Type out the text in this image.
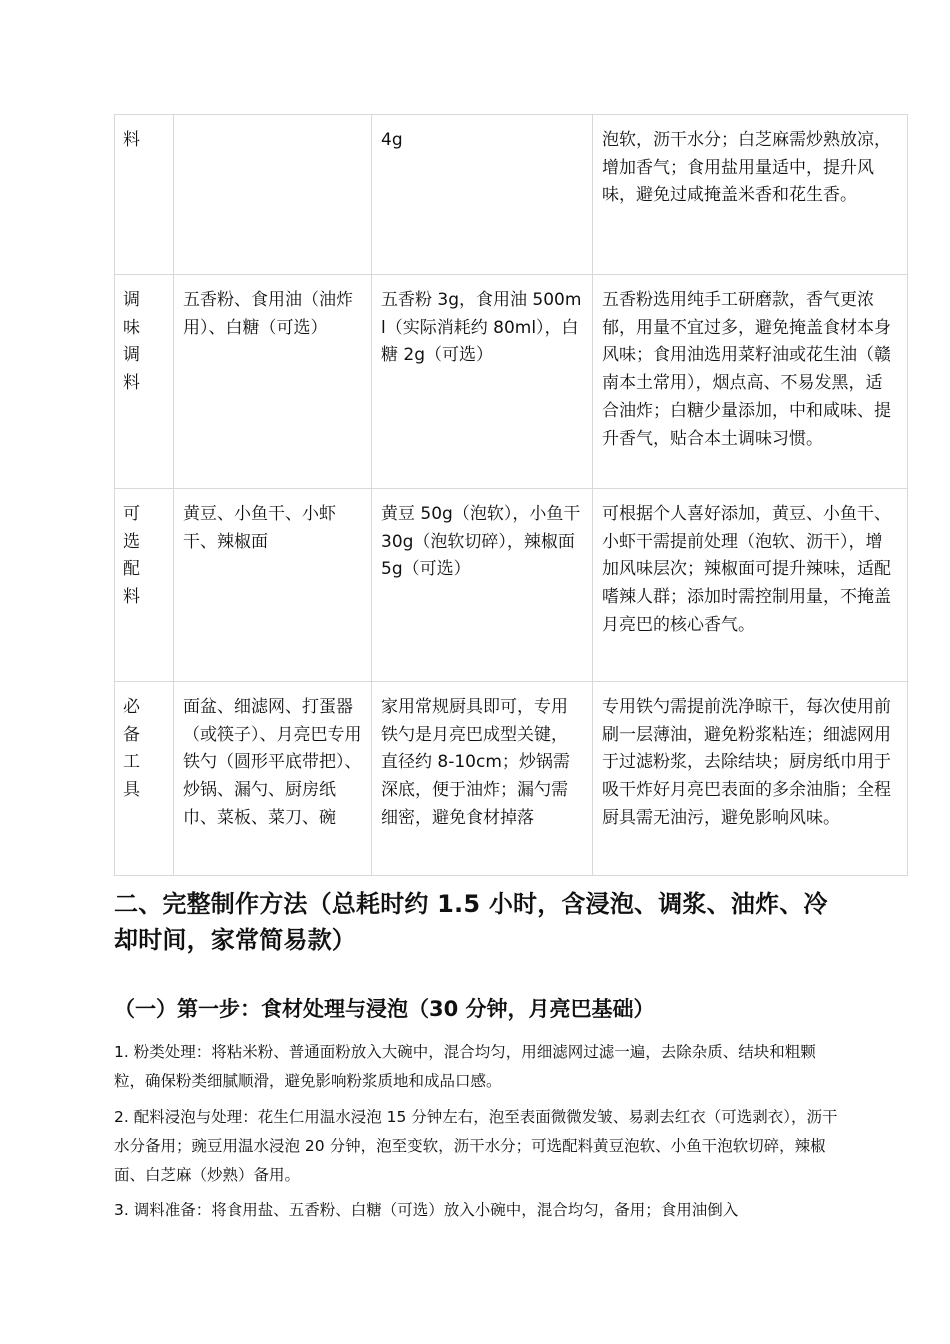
料		4g	泡软，沥干水分；白芝麻需炒熟放凉，增加香气；食用盐用量适中，提升风味，避免过咸掩盖米香和花生香。

调味调料	五香粉、食用油（油炸用）、白糖（可选）	五香粉 3g，食用油 500ml（实际消耗约 80ml），白糖 2g（可选）	五香粉选用纯手工研磨款，香气更浓郁，用量不宜过多，避免掩盖食材本身风味；食用油选用菜籽油或花生油（赣南本土常用），烟点高、不易发黑，适合油炸；白糖少量添加，中和咸味、提升香气，贴合本土调味习惯。

可选配料	黄豆、小鱼干、小虾干、辣椒面	黄豆 50g（泡软），小鱼干 30g（泡软切碎），辣椒面 5g（可选）	可根据个人喜好添加，黄豆、小鱼干、小虾干需提前处理（泡软、沥干），增加风味层次；辣椒面可提升辣味，适配嗜辣人群；添加时需控制用量，不掩盖月亮巴的核心香气。

必备工具	面盆、细滤网、打蛋器（或筷子）、月亮巴专用铁勺（圆形平底带把）、炒锅、漏勺、厨房纸巾、菜板、菜刀、碗	家用常规厨具即可，专用铁勺是月亮巴成型关键，直径约 8-10cm；炒锅需深底，便于油炸；漏勺需细密，避免食材掉落	专用铁勺需提前洗净晾干，每次使用前刷一层薄油，避免粉浆粘连；细滤网用于过滤粉浆，去除结块；厨房纸巾用于吸干炸好月亮巴表面的多余油脂；全程厨具需无油污，避免影响风味。
二、完整制作方法（总耗时约 1.5 小时，含浸泡、调浆、油炸、冷却时间，家常简易款）
（一）第一步：食材处理与浸泡（30 分钟，月亮巴基础）

1. 粉类处理：将粘米粉、普通面粉放入大碗中，混合均匀，用细滤网过滤一遍，去除杂质、结块和粗颗粒，确保粉类细腻顺滑，避免影响粉浆质地和成品口感。

2. 配料浸泡与处理：花生仁用温水浸泡 15 分钟左右，泡至表面微微发皱、易剥去红衣（可选剥衣），沥干水分备用；豌豆用温水浸泡 20 分钟，泡至变软，沥干水分；可选配料黄豆泡软、小鱼干泡软切碎，辣椒面、白芝麻（炒熟）备用。

3. 调料准备：将食用盐、五香粉、白糖（可选）放入小碗中，混合均匀，备用；食用油倒入
